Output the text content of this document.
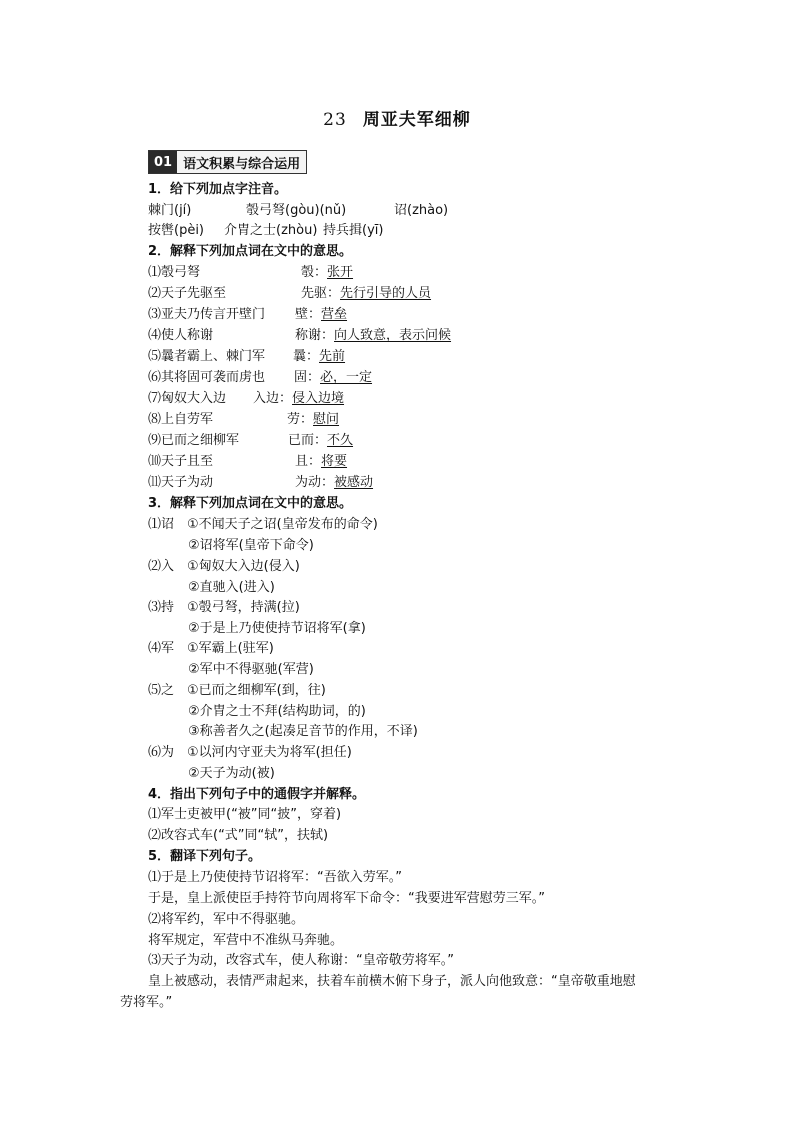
23 周亚夫军细柳
01 语文积累与综合运用
1．给下列加点字注音。
棘门(jí)	彀弓弩(gòu)(nǔ)	诏(zhào)
按辔(pèi) 介胄之士(zhòu) 持兵揖(yī)
2．解释下列加点词在文中的意思。
⑴彀弓弩	彀：张开
⑵天子先驱至	先驱：先行引导的人员
⑶亚夫乃传言开壁门 壁：营垒
⑷使人称谢	称谢：向人致意，表示问候
⑸曩者霸上、棘门军 曩：先前
⑹其将固可袭而虏也 固：必，一定
⑺匈奴大入边 入边：侵入边境
⑻上自劳军	劳：慰问
⑼已而之细柳军	已而：不久
⑽天子且至	且：将要
⑾天子为动	为动：被感动
3．解释下列加点词在文中的意思。
⑴诏　①不闻天子之诏(皇帝发布的命令)
②诏将军(皇帝下命令)
⑵入　①匈奴大入边(侵入)
②直驰入(进入)
⑶持　①彀弓弩，持满(拉)
②于是上乃使使持节诏将军(拿)
⑷军　①军霸上(驻军)
②军中不得驱驰(军营)
⑸之　①已而之细柳军(到，往)
②介胄之士不拜(结构助词，的)
③称善者久之(起凑足音节的作用，不译)
⑹为　①以河内守亚夫为将军(担任)
②天子为动(被)
4．指出下列句子中的通假字并解释。
⑴军士吏被甲(“被”同“披”，穿着)
⑵改容式车(“式”同“轼”，扶轼)
5．翻译下列句子。
⑴于是上乃使使持节诏将军：“吾欲入劳军。”
于是，皇上派使臣手持符节向周将军下命令：“我要进军营慰劳三军。”
⑵将军约，军中不得驱驰。
将军规定，军营中不准纵马奔驰。
⑶天子为动，改容式车，使人称谢：“皇帝敬劳将军。”
皇上被感动，表情严肃起来，扶着车前横木俯下身子，派人向他致意：“皇帝敬重地慰
劳将军。”
